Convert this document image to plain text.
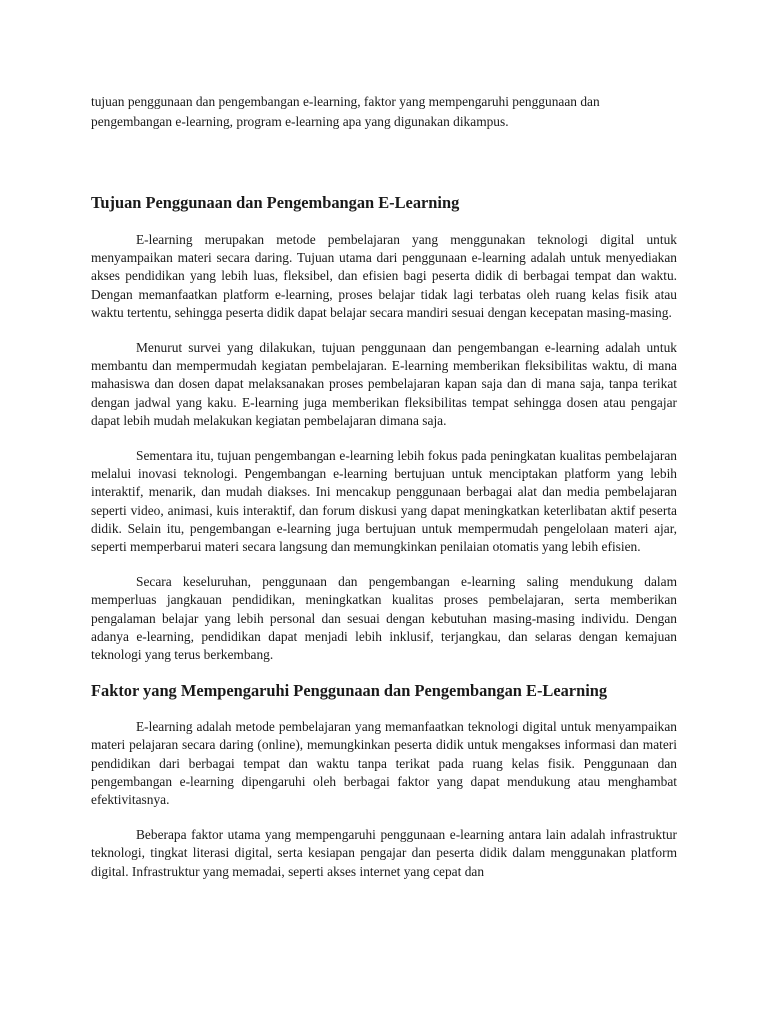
tujuan penggunaan dan pengembangan e-learning, faktor yang mempengaruhi penggunaan dan pengembangan e-learning, program e-learning apa yang digunakan dikampus.

Tujuan Penggunaan dan Pengembangan E-Learning

E-learning merupakan metode pembelajaran yang menggunakan teknologi digital untuk menyampaikan materi secara daring. Tujuan utama dari penggunaan e-learning adalah untuk menyediakan akses pendidikan yang lebih luas, fleksibel, dan efisien bagi peserta didik di berbagai tempat dan waktu. Dengan memanfaatkan platform e-learning, proses belajar tidak lagi terbatas oleh ruang kelas fisik atau waktu tertentu, sehingga peserta didik dapat belajar secara mandiri sesuai dengan kecepatan masing-masing.

Menurut survei yang dilakukan, tujuan penggunaan dan pengembangan e-learning adalah untuk membantu dan mempermudah kegiatan pembelajaran. E-learning memberikan fleksibilitas waktu, di mana mahasiswa dan dosen dapat melaksanakan proses pembelajaran kapan saja dan di mana saja, tanpa terikat dengan jadwal yang kaku. E-learning juga memberikan fleksibilitas tempat sehingga dosen atau pengajar dapat lebih mudah melakukan kegiatan pembelajaran dimana saja.

Sementara itu, tujuan pengembangan e-learning lebih fokus pada peningkatan kualitas pembelajaran melalui inovasi teknologi. Pengembangan e-learning bertujuan untuk menciptakan platform yang lebih interaktif, menarik, dan mudah diakses. Ini mencakup penggunaan berbagai alat dan media pembelajaran seperti video, animasi, kuis interaktif, dan forum diskusi yang dapat meningkatkan keterlibatan aktif peserta didik. Selain itu, pengembangan e-learning juga bertujuan untuk mempermudah pengelolaan materi ajar, seperti memperbarui materi secara langsung dan memungkinkan penilaian otomatis yang lebih efisien.

Secara keseluruhan, penggunaan dan pengembangan e-learning saling mendukung dalam memperluas jangkauan pendidikan, meningkatkan kualitas proses pembelajaran, serta memberikan pengalaman belajar yang lebih personal dan sesuai dengan kebutuhan masing-masing individu. Dengan adanya e-learning, pendidikan dapat menjadi lebih inklusif, terjangkau, dan selaras dengan kemajuan teknologi yang terus berkembang.

Faktor yang Mempengaruhi Penggunaan dan Pengembangan E-Learning

E-learning adalah metode pembelajaran yang memanfaatkan teknologi digital untuk menyampaikan materi pelajaran secara daring (online), memungkinkan peserta didik untuk mengakses informasi dan materi pendidikan dari berbagai tempat dan waktu tanpa terikat pada ruang kelas fisik. Penggunaan dan pengembangan e-learning dipengaruhi oleh berbagai faktor yang dapat mendukung atau menghambat efektivitasnya.

Beberapa faktor utama yang mempengaruhi penggunaan e-learning antara lain adalah infrastruktur teknologi, tingkat literasi digital, serta kesiapan pengajar dan peserta didik dalam menggunakan platform digital. Infrastruktur yang memadai, seperti akses internet yang cepat dan
